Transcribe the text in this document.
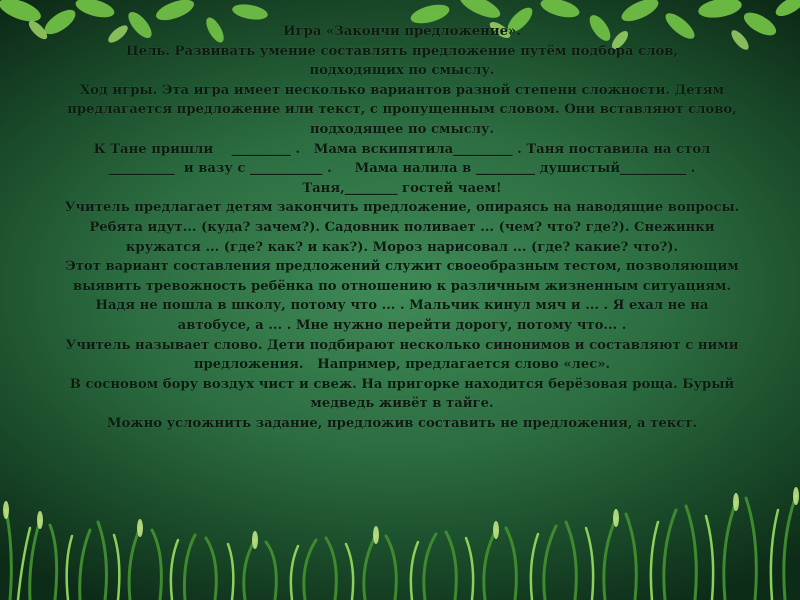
Игра «Закончи предложение».
Цель. Развивать умение составлять предложение путём подбора слов,
подходящих по смыслу.
Ход игры. Эта игра имеет несколько вариантов разной степени сложности. Детям
предлагается предложение или текст, с пропущенным словом. Они вставляют слово,
подходящее по смыслу.
К Тане пришли    _________ .   Мама вскипятила_________ . Таня поставила на стол
__________  и вазу с ___________ .     Мама налила в _________ душистый__________ .
Таня,________ гостей чаем!
Учитель предлагает детям закончить предложение, опираясь на наводящие вопросы.
Ребята идут... (куда? зачем?). Садовник поливает ... (чем? что? где?). Снежинки
кружатся ... (где? как? и как?). Мороз нарисовал ... (где? какие? что?).
Этот вариант составления предложений служит своеобразным тестом, позволяющим
выявить тревожность ребёнка по отношению к различным жизненным ситуациям.
Надя не пошла в школу, потому что ... . Мальчик кинул мяч и ... . Я ехал не на
автобусе, а ... . Мне нужно перейти дорогу, потому что... .
Учитель называет слово. Дети подбирают несколько синонимов и составляют с ними
предложения.   Например, предлагается слово «лес».
В сосновом бору воздух чист и свеж. На пригорке находится берёзовая роща. Бурый
медведь живёт в тайге.
Можно усложнить задание, предложив составить не предложения, а текст.
